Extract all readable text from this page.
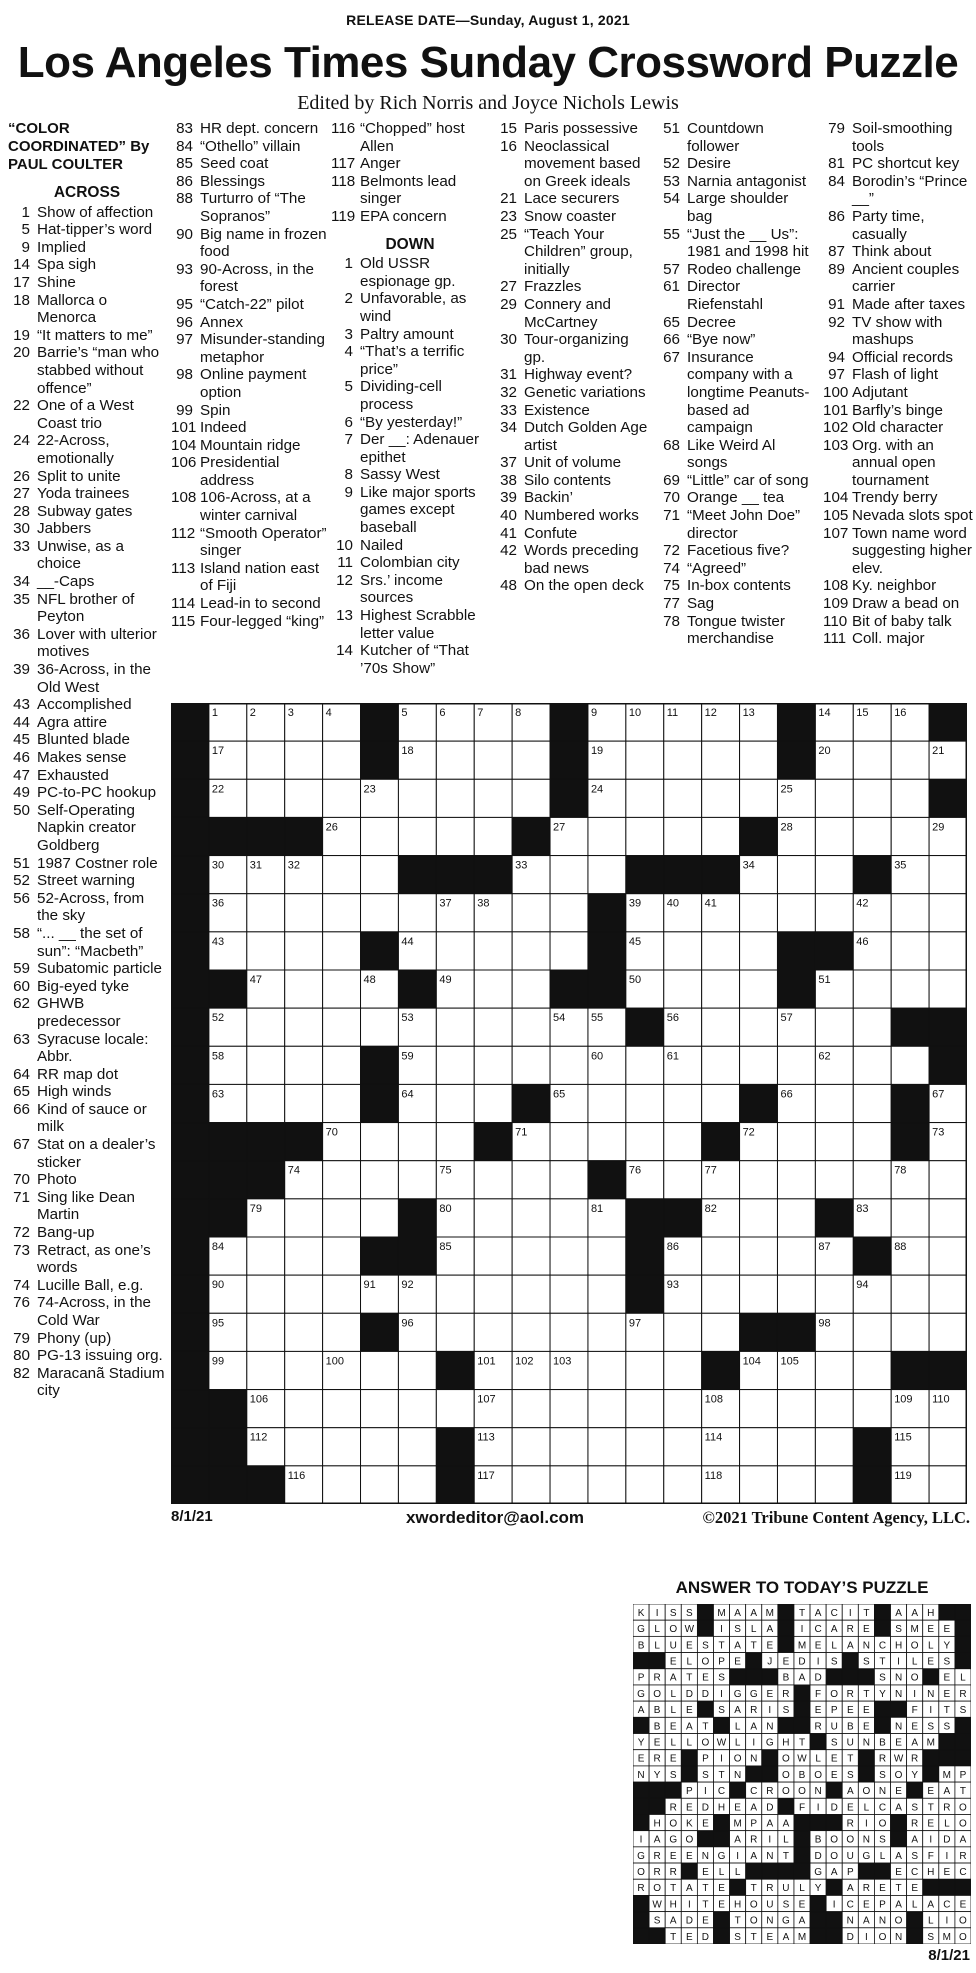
RELEASE DATE—Sunday, August 1, 2021
Los Angeles Times Sunday Crossword Puzzle
Edited by Rich Norris and Joyce Nichols Lewis
“COLOR COORDINATED” By PAUL COULTER
ACROSS
1 Show of affection
5 Hat-tipper’s word
9 Implied
14 Spa sigh
17 Shine
18 Mallorca o Menorca
19 “It matters to me”
20 Barrie’s “man who stabbed without offence”
22 One of a West Coast trio
24 22-Across, emotionally
26 Split to unite
27 Yoda trainees
28 Subway gates
30 Jabbers
33 Unwise, as a choice
34 __-Caps
35 NFL brother of Peyton
36 Lover with ulterior motives
39 36-Across, in the Old West
43 Accomplished
44 Agra attire
45 Blunted blade
46 Makes sense
47 Exhausted
49 PC-to-PC hookup
50 Self-Operating Napkin creator Goldberg
51 1987 Costner role
52 Street warning
56 52-Across, from the sky
58 “... __ the set of sun”: “Macbeth”
59 Subatomic particle
60 Big-eyed tyke
62 GHWB predecessor
63 Syracuse locale: Abbr.
64 RR map dot
65 High winds
66 Kind of sauce or milk
67 Stat on a dealer’s sticker
70 Photo
71 Sing like Dean Martin
72 Bang-up
73 Retract, as one’s words
74 Lucille Ball, e.g.
76 74-Across, in the Cold War
79 Phony (up)
80 PG-13 issuing org.
82 Maracanã Stadium city
83 HR dept. concern
84 “Othello” villain
85 Seed coat
86 Blessings
88 Turturro of “The Sopranos”
90 Big name in frozen food
93 90-Across, in the forest
95 “Catch-22” pilot
96 Annex
97 Misunder-standing metaphor
98 Online payment option
99 Spin
101 Indeed
104 Mountain ridge
106 Presidential address
108 106-Across, at a winter carnival
112 “Smooth Operator” singer
113 Island nation east of Fiji
114 Lead-in to second
115 Four-legged “king”
116 “Chopped” host Allen
117 Anger
118 Belmonts lead singer
119 EPA concern
DOWN
1 Old USSR espionage gp.
2 Unfavorable, as wind
3 Paltry amount
4 “That’s a terrific price”
5 Dividing-cell process
6 “By yesterday!”
7 Der __: Adenauer epithet
8 Sassy West
9 Like major sports games except baseball
10 Nailed
11 Colombian city
12 Srs.’ income sources
13 Highest Scrabble letter value
14 Kutcher of “That ’70s Show”
15 Paris possessive
16 Neoclassical movement based on Greek ideals
21 Lace securers
23 Snow coaster
25 “Teach Your Children” group, initially
27 Frazzles
29 Connery and McCartney
30 Tour-organizing gp.
31 Highway event?
32 Genetic variations
33 Existence
34 Dutch Golden Age artist
37 Unit of volume
38 Silo contents
39 Backin’
40 Numbered works
41 Confute
42 Words preceding bad news
48 On the open deck
51 Countdown follower
52 Desire
53 Narnia antagonist
54 Large shoulder bag
55 “Just the __ Us”: 1981 and 1998 hit
57 Rodeo challenge
61 Director Riefenstahl
65 Decree
66 “Bye now”
67 Insurance company with a longtime Peanuts-based ad campaign
68 Like Weird Al songs
69 “Little” car of song
70 Orange __ tea
71 “Meet John Doe” director
72 Facetious five?
74 “Agreed”
75 In-box contents
77 Sag
78 Tongue twister merchandise
79 Soil-smoothing tools
81 PC shortcut key
84 Borodin’s “Prince __”
86 Party time, casually
87 Think about
89 Ancient couples carrier
91 Made after taxes
92 TV show with mashups
94 Official records
97 Flash of light
100 Adjutant
101 Barfly’s binge
102 Old character
103 Org. with an annual open tournament
104 Trendy berry
105 Nevada slots spot
107 Town name word suggesting higher elev.
108 Ky. neighbor
109 Draw a bead on
110 Bit of baby talk
111 Coll. major
1	2	3	4	5	6	7	8	9	10 11 12 13	14 15 16
17	18	19	20	21
22	23	24	25
26	27	28	29
30 31 32	33	34	35
36	37 38	39 40 41	42
43	44	45	46
47	48	49	50	51
52	53	54 55	56	57
58	59	60	61	62
63	64	65	66	67
70	71	72	73
74	75	76	77	78
79	80	81	82	83
84	85	86	87	88
90	91 92	93	94
95	96	97	98
99	100	101 102 103	104 105
106	107	108	109 110
112	113	114	115
116	117	118	119
8/1/21	xwordeditor@aol.com	©2021 Tribune Content Agency, LLC.
ANSWER TO TODAY’S PUZZLE
K I S S M A A M T A C I T	A A H
G L O W	I S L A	I C A R E	S M E E
B L U E S T A T E M E L A N C H O L Y
E L O P E	J E D I S	S T I L E S
P R A T E S	B A D	S N O E L
G O L D D I G G E R	F O R T Y N I N E R
A B L E	S A R I S	E P E E	F I T S
B E A T	L A N	R U B E	N E S S
Y E L L O W L I G H T	S U N B E A M
E R E	P I O N O W L E T	R W R
N Y S	S T N	O B O E S	S O Y M P
P I C C R O O N	A O N E	E A T
R E D H E A D	F I D E L C A S T R O
H O K E M P A A	R I O R E L O
I A G O	A R I L	B O O N S	A I D A
G R E E N G I A N T	D O U G L A S F I R
O R R	E L L	G A P	E C H E C
R O T A T E	T R U L Y	A R E T E
W H I T E H O U S E	I C E P A L A C E
S A D E	T O N G A	N A N O	L I O
T E D	S T E A M	D I O N	S M O
8/1/21
